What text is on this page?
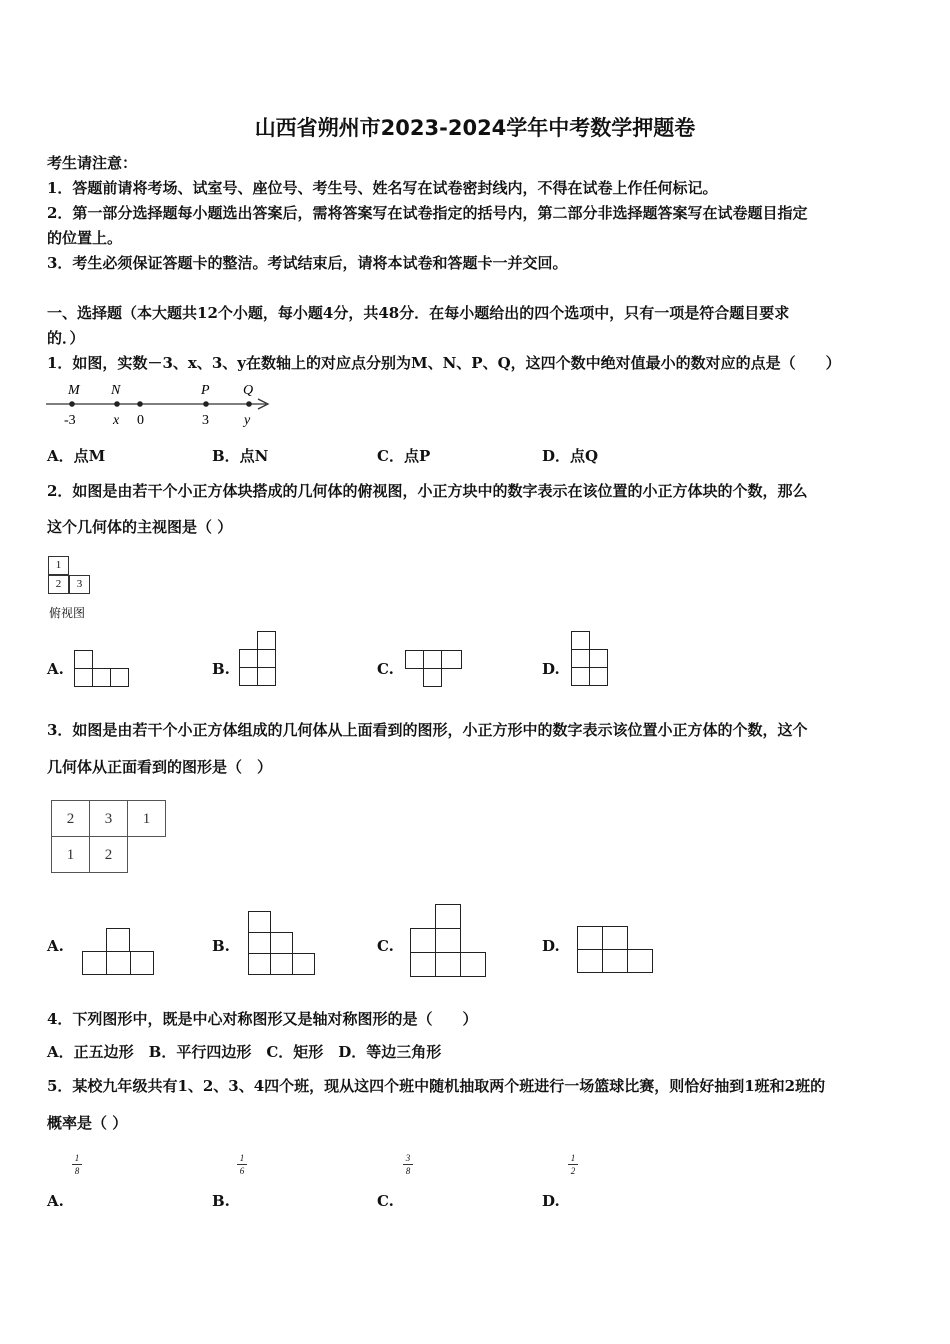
山西省朔州市2023-2024学年中考数学押题卷
考生请注意：
1．答题前请将考场、试室号、座位号、考生号、姓名写在试卷密封线内，不得在试卷上作任何标记。
2．第一部分选择题每小题选出答案后，需将答案写在试卷指定的括号内，第二部分非选择题答案写在试卷题目指定
的位置上。
3．考生必须保证答题卡的整洁。考试结束后，请将本试卷和答题卡一并交回。
一、选择题（本大题共12个小题，每小题4分，共48分．在每小题给出的四个选项中，只有一项是符合题目要求
的．）
1．如图，实数－3、x、3、y在数轴上的对应点分别为M、N、P、Q，这四个数中绝对值最小的数对应的点是（　　）
M N	P Q
-3	x 0	3	y
A．点M	B．点N	C．点P	D．点Q
2．如图是由若干个小正方体块搭成的几何体的俯视图，小正方块中的数字表示在该位置的小正方体块的个数，那么
这个几何体的主视图是（ ）
1
2	3
俯视图
A.	B.	C.	D.
3．如图是由若干个小正方体组成的几何体从上面看到的图形，小正方形中的数字表示该位置小正方体的个数，这个
几何体从正面看到的图形是（　）
2	3	1
1	2
A.	B.	C.	D.
4．下列图形中，既是中心对称图形又是轴对称图形的是（　　）
A．正五边形　B．平行四边形　C．矩形　D．等边三角形
5．某校九年级共有1、2、3、4四个班，现从这四个班中随机抽取两个班进行一场篮球比赛，则恰好抽到1班和2班的
概率是（ ）
1
8
1
6
3
8
1
2
A.	B.	C.	D.
